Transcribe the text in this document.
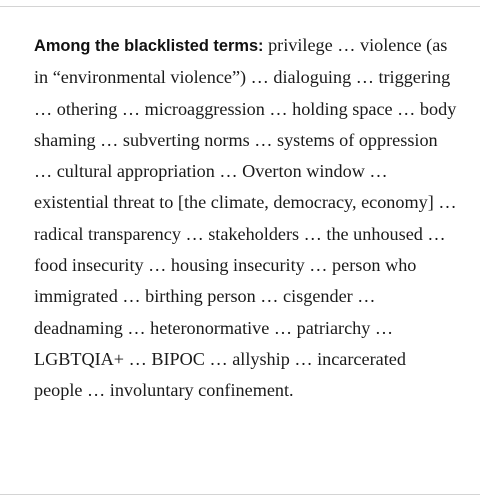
Among the blacklisted terms: privilege … violence (as in “environmental violence”) … dialoguing … triggering … othering … microaggression … holding space … body shaming … subverting norms … systems of oppression … cultural appropriation … Overton window … existential threat to [the climate, democracy, economy] … radical transparency … stakeholders … the unhoused … food insecurity … housing insecurity … person who immigrated … birthing person … cisgender … deadnaming … heteronormative … patriarchy … LGBTQIA+ … BIPOC … allyship … incarcerated people … involuntary confinement.
